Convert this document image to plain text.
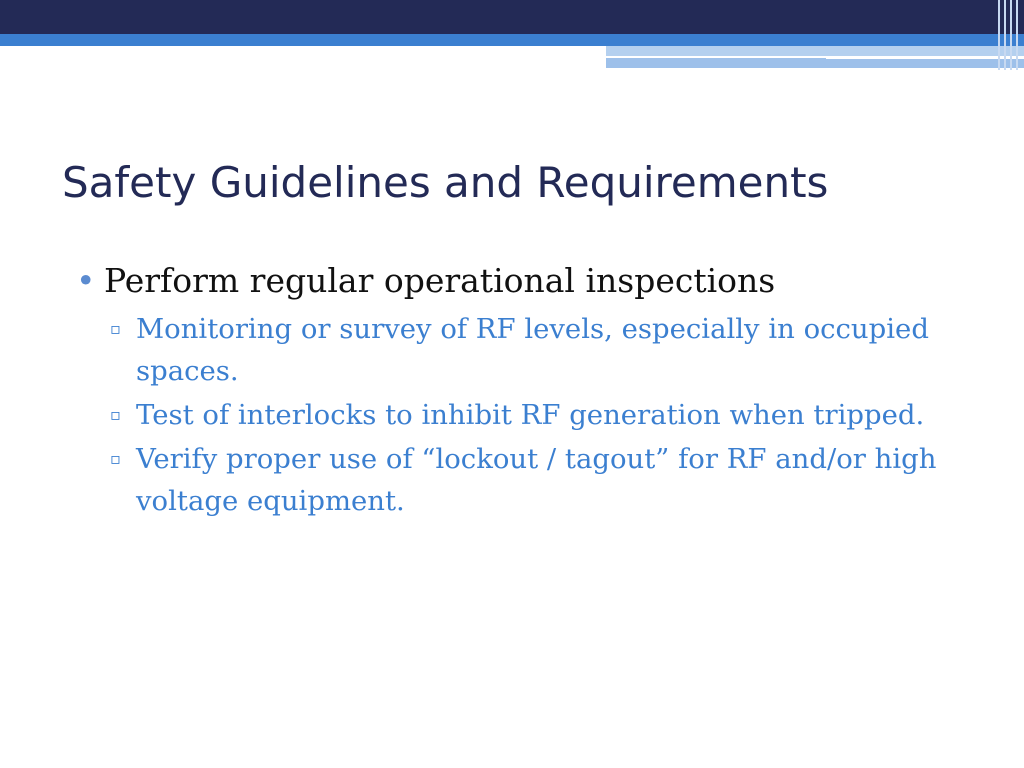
Safety Guidelines and Requirements
• Perform regular operational inspections
▫ Monitoring or survey of RF levels, especially in occupied spaces.
▫ Test of interlocks to inhibit RF generation when tripped.
▫ Verify proper use of “lockout / tagout” for RF and/or high voltage equipment.
